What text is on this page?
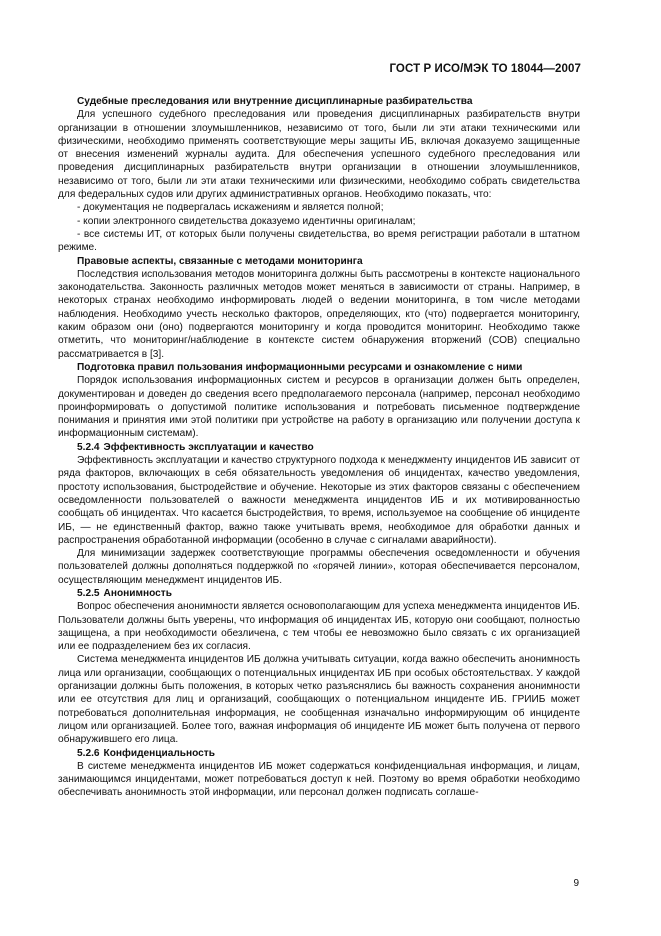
ГОСТ Р ИСО/МЭК ТО 18044—2007
Судебные преследования или внутренние дисциплинарные разбирательства

Для успешного судебного преследования или проведения дисциплинарных разбирательств внутри организации в отношении злоумышленников, независимо от того, были ли эти атаки техническими или физическими, необходимо применять соответствующие меры защиты ИБ, включая доказуемо защищенные от внесения изменений журналы аудита. Для обеспечения успешного судебного преследования или проведения дисциплинарных разбирательств внутри организации в отношении злоумышленников, независимо от того, были ли эти атаки техническими или физическими, необходимо собрать свидетельства для федеральных судов или других административных органов. Необходимо показать, что:

- документация не подвергалась искажениям и является полной;

- копии электронного свидетельства доказуемо идентичны оригиналам;

- все системы ИТ, от которых были получены свидетельства, во время регистрации работали в штатном режиме.

Правовые аспекты, связанные с методами мониторинга

Последствия использования методов мониторинга должны быть рассмотрены в контексте национального законодательства. Законность различных методов может меняться в зависимости от страны. Например, в некоторых странах необходимо информировать людей о ведении мониторинга, в том числе методами наблюдения. Необходимо учесть несколько факторов, определяющих, кто (что) подвергается мониторингу, каким образом они (оно) подвергаются мониторингу и когда проводится мониторинг. Необходимо также отметить, что мониторинг/наблюдение в контексте систем обнаружения вторжений (СОВ) специально рассматривается в [3].

Подготовка правил пользования информационными ресурсами и ознакомление с ними

Порядок использования информационных систем и ресурсов в организации должен быть определен, документирован и доведен до сведения всего предполагаемого персонала (например, персонал необходимо проинформировать о допустимой политике использования и потребовать письменное подтверждение понимания и принятия ими этой политики при устройстве на работу в организацию или получении доступа к информационным системам).

5.2.4 Эффективность эксплуатации и качество

Эффективность эксплуатации и качество структурного подхода к менеджменту инцидентов ИБ зависит от ряда факторов, включающих в себя обязательность уведомления об инцидентах, качество уведомления, простоту использования, быстродействие и обучение. Некоторые из этих факторов связаны с обеспечением осведомленности пользователей о важности менеджмента инцидентов ИБ и их мотивированностью сообщать об инцидентах. Что касается быстродействия, то время, используемое на сообщение об инциденте ИБ, — не единственный фактор, важно также учитывать время, необходимое для обработки данных и распространения обработанной информации (особенно в случае с сигналами аварийности).

Для минимизации задержек соответствующие программы обеспечения осведомленности и обучения пользователей должны дополняться поддержкой по «горячей линии», которая обеспечивается персоналом, осуществляющим менеджмент инцидентов ИБ.

5.2.5 Анонимность

Вопрос обеспечения анонимности является основополагающим для успеха менеджмента инцидентов ИБ. Пользователи должны быть уверены, что информация об инцидентах ИБ, которую они сообщают, полностью защищена, а при необходимости обезличена, с тем чтобы ее невозможно было связать с их организацией или ее подразделением без их согласия.

Система менеджмента инцидентов ИБ должна учитывать ситуации, когда важно обеспечить анонимность лица или организации, сообщающих о потенциальных инцидентах ИБ при особых обстоятельствах. У каждой организации должны быть положения, в которых четко разъяснялись бы важность сохранения анонимности или ее отсутствия для лиц и организаций, сообщающих о потенциальном инциденте ИБ. ГРИИБ может потребоваться дополнительная информация, не сообщенная изначально информирующим об инциденте лицом или организацией. Более того, важная информация об инциденте ИБ может быть получена от первого обнаружившего его лица.

5.2.6 Конфиденциальность

В системе менеджмента инцидентов ИБ может содержаться конфиденциальная информация, и лицам, занимающимся инцидентами, может потребоваться доступ к ней. Поэтому во время обработки необходимо обеспечивать анонимность этой информации, или персонал должен подписать соглаше-

9
